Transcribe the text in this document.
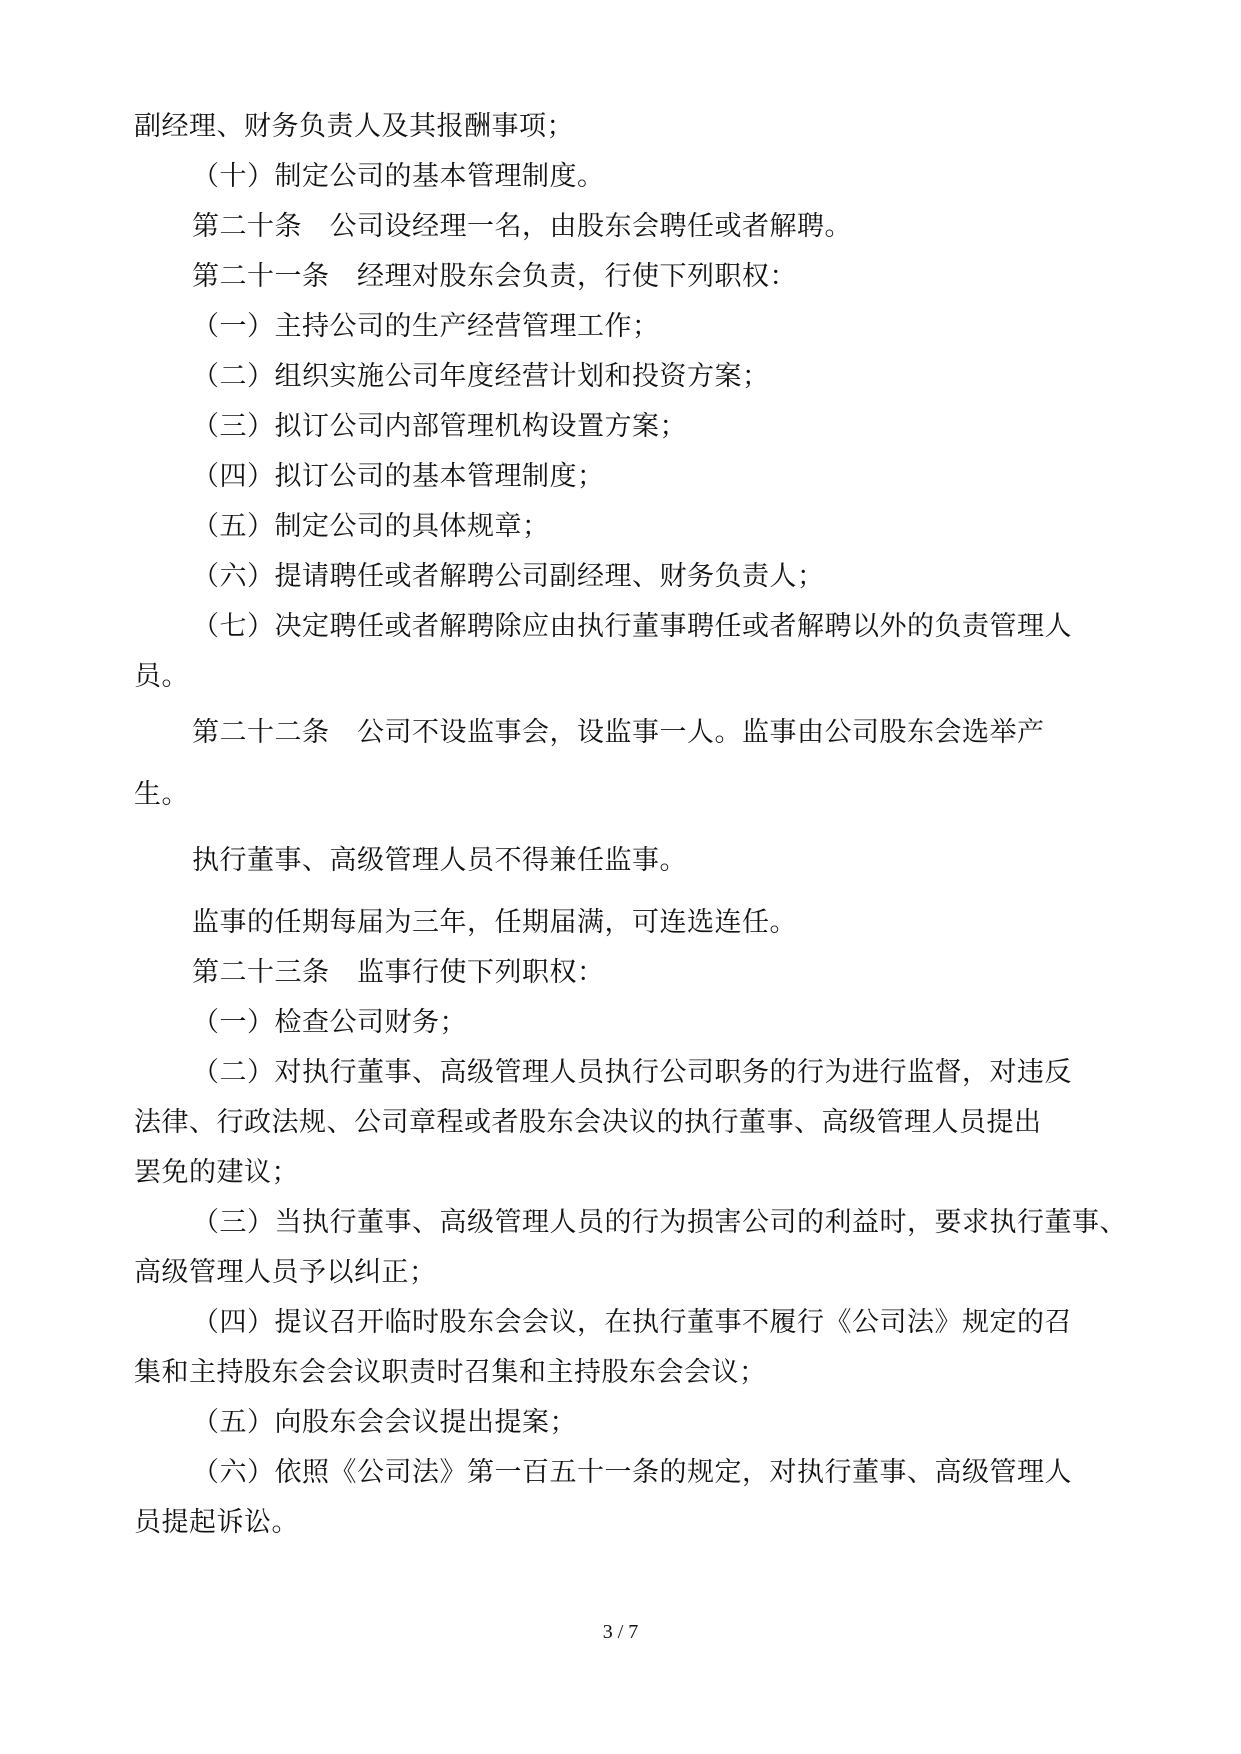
副经理、财务负责人及其报酬事项；
（十）制定公司的基本管理制度。
第二十条　公司设经理一名，由股东会聘任或者解聘。
第二十一条　经理对股东会负责，行使下列职权：
（一）主持公司的生产经营管理工作；
（二）组织实施公司年度经营计划和投资方案；
（三）拟订公司内部管理机构设置方案；
（四）拟订公司的基本管理制度；
（五）制定公司的具体规章；
（六）提请聘任或者解聘公司副经理、财务负责人；
（七）决定聘任或者解聘除应由执行董事聘任或者解聘以外的负责管理人
员。
第二十二条　公司不设监事会，设监事一人。监事由公司股东会选举产
生。
执行董事、高级管理人员不得兼任监事。
监事的任期每届为三年，任期届满，可连选连任。
第二十三条　监事行使下列职权：
（一）检查公司财务；
（二）对执行董事、高级管理人员执行公司职务的行为进行监督，对违反
法律、行政法规、公司章程或者股东会决议的执行董事、高级管理人员提出
罢免的建议；
（三）当执行董事、高级管理人员的行为损害公司的利益时，要求执行董事、
高级管理人员予以纠正；
（四）提议召开临时股东会会议，在执行董事不履行《公司法》规定的召
集和主持股东会会议职责时召集和主持股东会会议；
（五）向股东会会议提出提案；
（六）依照《公司法》第一百五十一条的规定，对执行董事、高级管理人
员提起诉讼。
3 / 7
